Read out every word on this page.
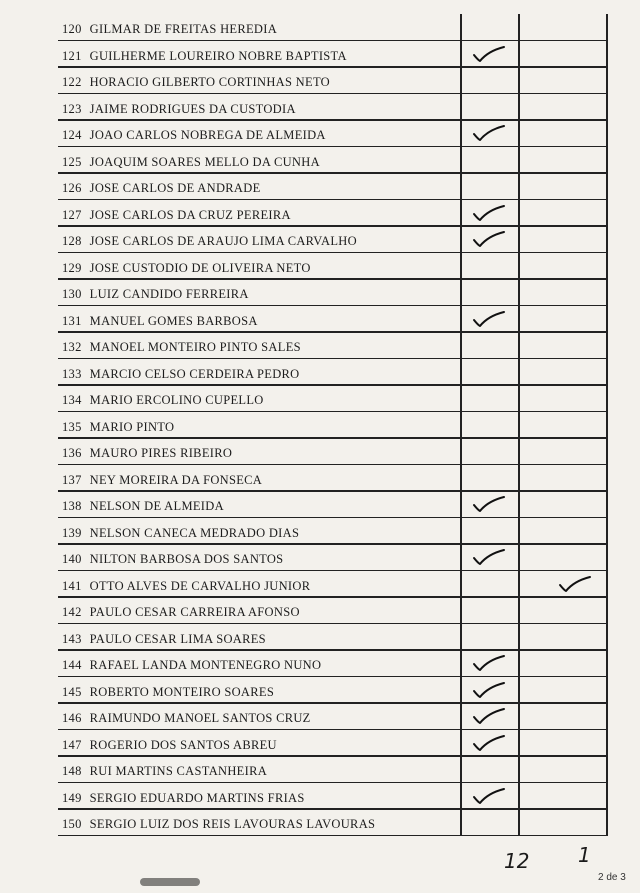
120 GILMAR DE FREITAS HEREDIA
121 GUILHERME LOUREIRO NOBRE BAPTISTA
122 HORACIO GILBERTO CORTINHAS NETO
123 JAIME RODRIGUES DA CUSTODIA
124 JOAO CARLOS NOBREGA DE ALMEIDA
125 JOAQUIM SOARES MELLO DA CUNHA
126 JOSE CARLOS DE ANDRADE
127 JOSE CARLOS DA CRUZ PEREIRA
128 JOSE CARLOS DE ARAUJO LIMA CARVALHO
129 JOSE CUSTODIO DE OLIVEIRA NETO
130 LUIZ CANDIDO FERREIRA
131 MANUEL GOMES BARBOSA
132 MANOEL MONTEIRO PINTO SALES
133 MARCIO CELSO CERDEIRA PEDRO
134 MARIO ERCOLINO CUPELLO
135 MARIO PINTO
136 MAURO PIRES RIBEIRO
137 NEY MOREIRA DA FONSECA
138 NELSON DE ALMEIDA
139 NELSON CANECA MEDRADO DIAS
140 NILTON BARBOSA DOS SANTOS
141 OTTO ALVES DE CARVALHO JUNIOR
142 PAULO CESAR CARREIRA AFONSO
143 PAULO CESAR LIMA SOARES
144 RAFAEL LANDA MONTENEGRO NUNO
145 ROBERTO MONTEIRO SOARES
146 RAIMUNDO MANOEL SANTOS CRUZ
147 ROGERIO DOS SANTOS ABREU
148 RUI MARTINS CASTANHEIRA
149 SERGIO EDUARDO MARTINS FRIAS
150 SERGIO LUIZ DOS REIS LAVOURAS LAVOURAS
12 1
2 de 3
